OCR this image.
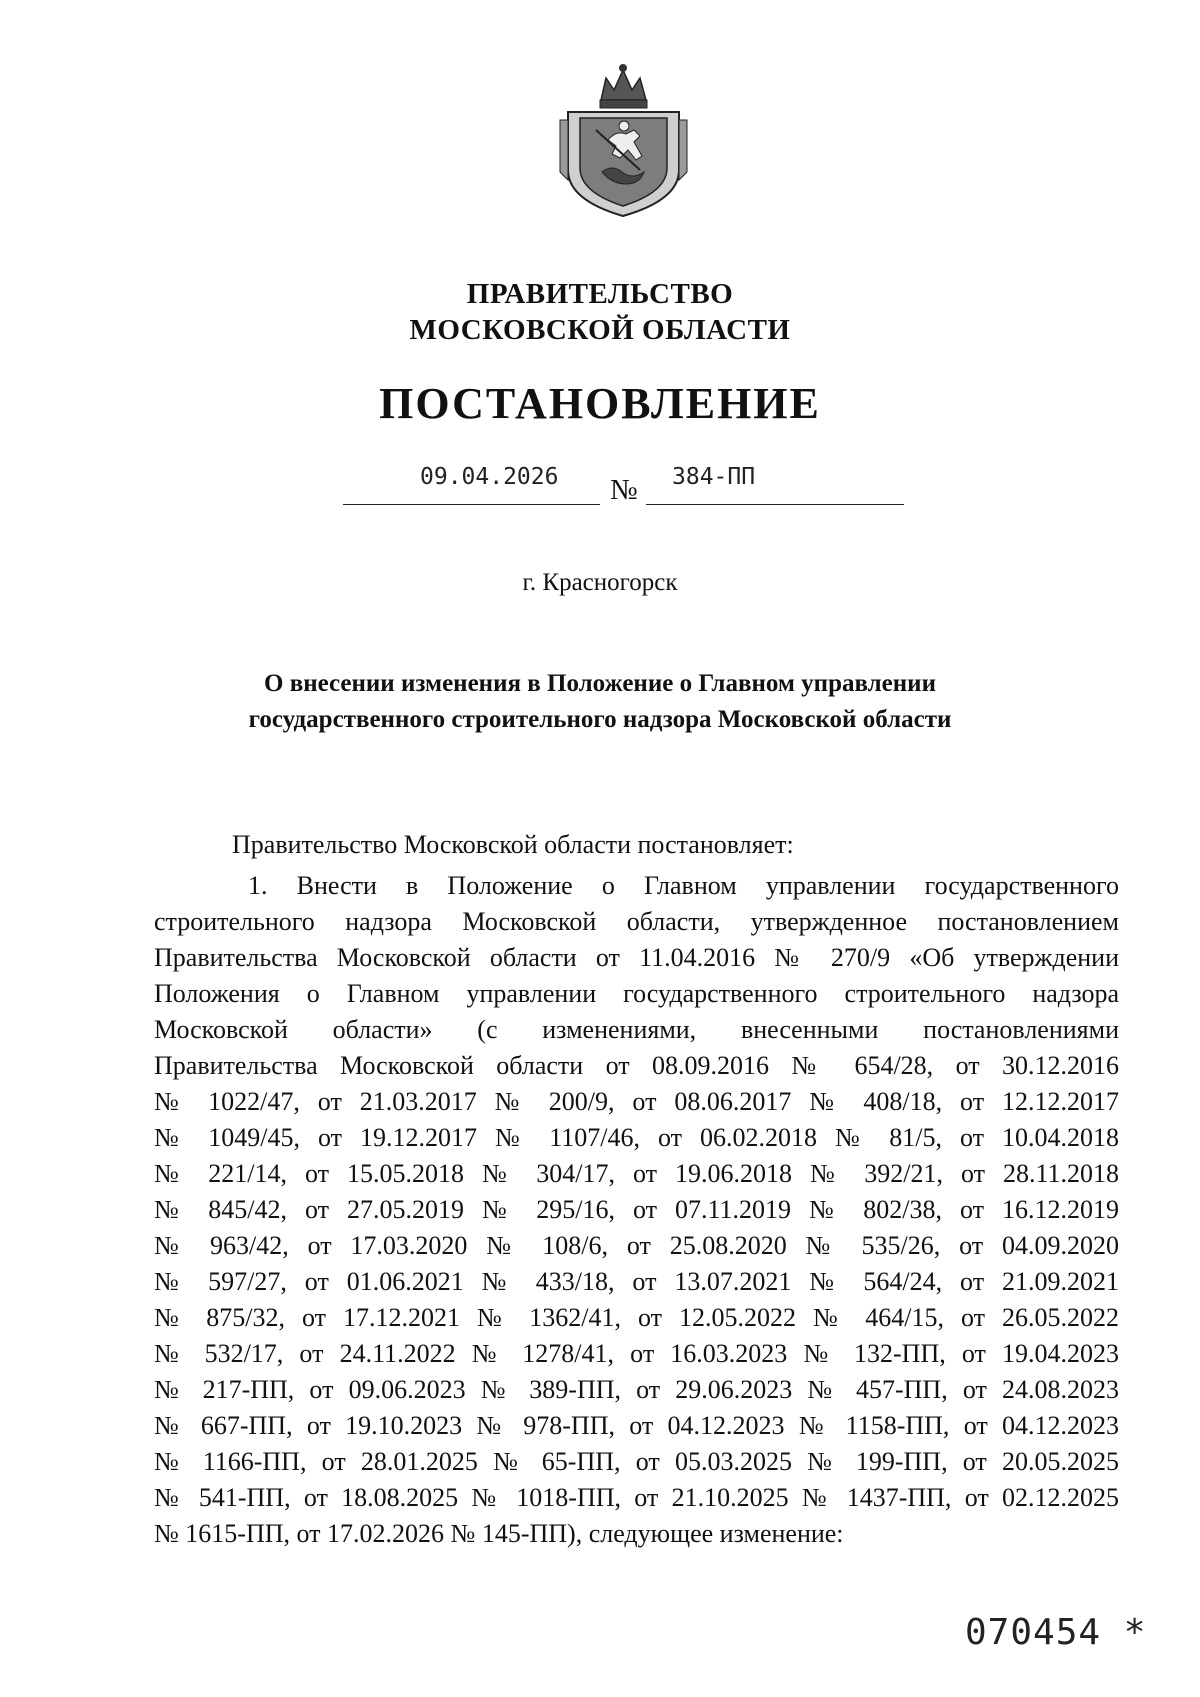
ПРАВИТЕЛЬСТВО
МОСКОВСКОЙ ОБЛАСТИ
ПОСТАНОВЛЕНИЕ
09.04.2026 № 384-ПП
г. Красногорск
О внесении изменения в Положение о Главном управлении
государственного строительного надзора Московской области
Правительство Московской области постановляет:
1. Внести в Положение о Главном управлении государственного
строительного надзора Московской области, утвержденное постановлением
Правительства Московской области от 11.04.2016 № 270/9 «Об утверждении
Положения о Главном управлении государственного строительного надзора
Московской области» (с изменениями, внесенными постановлениями
Правительства Московской области от 08.09.2016 № 654/28, от 30.12.2016
№ 1022/47, от 21.03.2017 № 200/9, от 08.06.2017 № 408/18, от 12.12.2017
№ 1049/45, от 19.12.2017 № 1107/46, от 06.02.2018 № 81/5, от 10.04.2018
№ 221/14, от 15.05.2018 № 304/17, от 19.06.2018 № 392/21, от 28.11.2018
№ 845/42, от 27.05.2019 № 295/16, от 07.11.2019 № 802/38, от 16.12.2019
№ 963/42, от 17.03.2020 № 108/6, от 25.08.2020 № 535/26, от 04.09.2020
№ 597/27, от 01.06.2021 № 433/18, от 13.07.2021 № 564/24, от 21.09.2021
№ 875/32, от 17.12.2021 № 1362/41, от 12.05.2022 № 464/15, от 26.05.2022
№ 532/17, от 24.11.2022 № 1278/41, от 16.03.2023 № 132-ПП, от 19.04.2023
№ 217-ПП, от 09.06.2023 № 389-ПП, от 29.06.2023 № 457-ПП, от 24.08.2023
№ 667-ПП, от 19.10.2023 № 978-ПП, от 04.12.2023 № 1158-ПП, от 04.12.2023
№ 1166-ПП, от 28.01.2025 № 65-ПП, от 05.03.2025 № 199-ПП, от 20.05.2025
№ 541-ПП, от 18.08.2025 № 1018-ПП, от 21.10.2025 № 1437-ПП, от 02.12.2025
№ 1615-ПП, от 17.02.2026 № 145-ПП), следующее изменение:
070454 *
